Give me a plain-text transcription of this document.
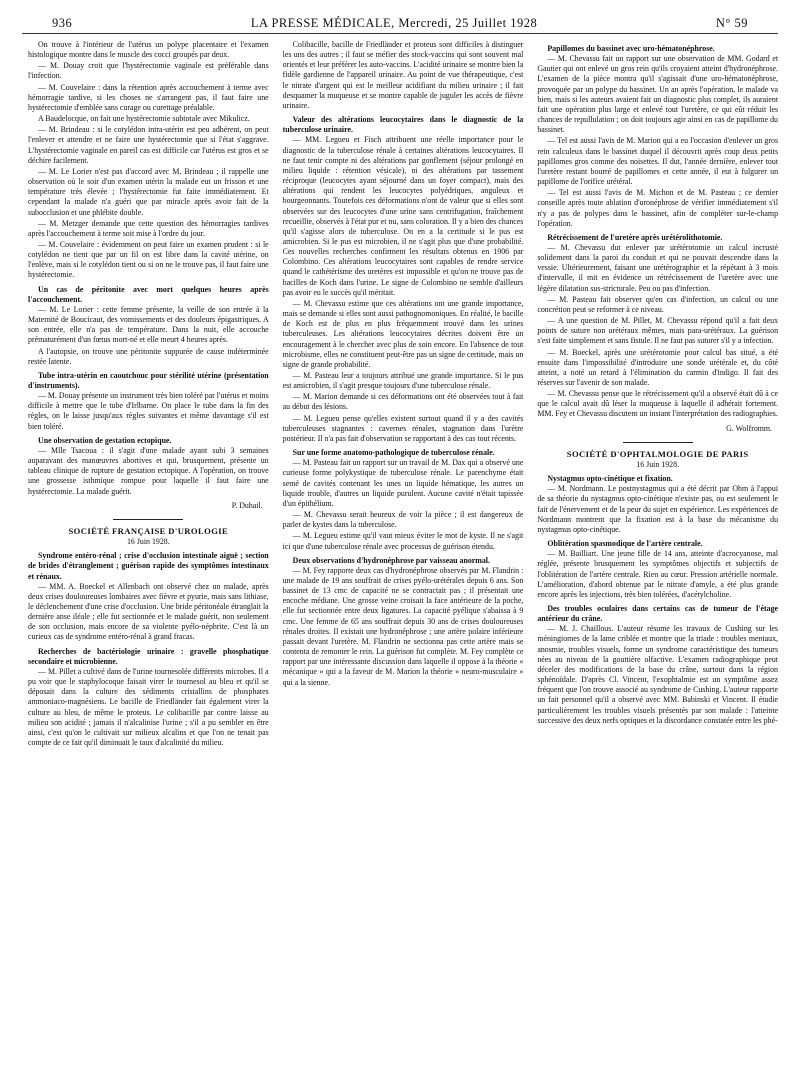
936	LA PRESSE MÉDICALE, Mercredi, 25 Juillet 1928	N° 59

On trouve à l'intérieur de l'utérus un polype placentaire et l'examen histologique montre dans le muscle des cocci groupés par deux.

— M. Douay croit que l'hystérectomie vaginale est préférable dans l'infection.

— M. Couvelaire : dans la rétention après accouchement à terme avec hémorragie tardive, si les choses ne s'arrangent pas, il faut faire une hystérectomie d'emblée sans curage ou curettage préalable.

A Baudelocque, on fait une hystérectomie subtotale avec Mikulicz.

— M. Brindeau : si le cotylédon intra-utérin est peu adhérent, on peut l'enlever et attendre et ne faire une hystérectomie que si l'état s'aggrave. L'hystérectomie vaginale en pareil cas est difficile car l'utérus est gros et se déchire facilement.

— M. Le Lorier n'est pas d'accord avec M. Brindeau ; il rappelle une observation où le soir d'un examen utérin la malade eut un frisson et une température très élevée ; l'hystérectomie fut faite immédiatement. Et cependant la malade n'a guéri que par miracle après avoir fait de la subocclusion et une phlébite double.

— M. Metzger demande que cette question des hémorragies tardives après l'accouchement à terme soit mise à l'ordre du jour.

— M. Couvelaire : évidemment on peut faire un examen prudent : si le cotylédon ne tient que par un fil on est libre dans la cavité utérine, on l'enlève, mais si le cotylédon tient ou si on ne le trouve pas, il faut faire une hystérectomie.

Un cas de péritonite avec mort quelques heures après l'accouchement.

— M. Le Lorier : cette femme présente, la veille de son entrée à la Maternité de Boucicaut, des vomissements et des douleurs épigastriques. A son entrée, elle n'a pas de température. Dans la nuit, elle accouche prématurément d'un fœtus mort-né et elle meurt 4 heures après.

A l'autopsie, on trouve une péritonite suppurée de cause indéterminée restée latente.

Tube intra-utérin en caoutchouc pour stérilité utérine (présentation d'instruments).

— M. Douay présente un instrument très bien toléré par l'utérus et moins difficile à mettre que le tube d'Irlbarne. On place le tube dans la fin des règles, on le laisse jusqu'aux règles suivantes et même davantage s'il est bien toléré.

Une observation de gestation ectopique.

— Mlle Tsacoua : il s'agit d'une malade ayant subi 3 semaines auparavant des manœuvres abortives et qui, brusquement, présente un tableau clinique de rupture de gestation ectopique. A l'opération, on trouve une grossesse isthmique rompue pour laquelle il faut faire une hystérectomie. La malade guérit.

P. Duhail.
SOCIÉTÉ FRANÇAISE D'UROLOGIE
16 Juin 1928.
Syndrome entéro-rénal ; crise d'occlusion intestinale aiguë ; section de brides d'étranglement ; guérison rapide des symptômes intestinaux et rénaux.

— MM. A. Boeckel et Allenbach ont observé chez un malade, après deux crises douloureuses lombaires avec fièvre et pyurie, mais sans lithiase, le déclenchement d'une crise d'occlusion. Une bride péritonéale étranglait la dernière anse iléale ; elle fut sectionnée et le malade guérit, non seulement de son occlusion, mais encore de sa violente pyélo-néphrite. C'est là un curieux cas de syndrome entéro-rénal à grand fracas.

Recherches de bactériologie urinaire : gravelle phosphatique secondaire et microbienne.

— M. Pillet a cultivé dans de l'urine tournesolée différents microbes. Il a pu voir que le staphylocoque faisait virer le tournesol au bleu et qu'il se déposait dans la culture des sédiments cristallins de phosphates ammoniaco-magnésiens. Le bacille de Friedländer fait également virer la culture au bleu, de même le proteus. Le colibacille par contre laisse au milieu son acidité ; jamais il n'alcalinise l'urine ; s'il a pu sembler en être ainsi, c'est qu'on le cultivait sur milieux alcalins et que l'on ne tenait pas compte de ce fait qu'il diminuait le taux d'alcalinité du milieu.

Colibacille, bacille de Friedländer et proteus sont difficiles à distinguer les uns des autres ; il faut se méfier des stock-vaccins qui sont souvent mal orientés et leur préférer les auto-vaccins. L'acidité urinaire se montre bien la fidèle gardienne de l'appareil urinaire. Au point de vue thérapeutique, c'est le nitrate d'argent qui est le meilleur acidifiant du milieu urinaire ; il fait desquamer la muqueuse et se montre capable de juguler les accès de fièvre urinaire.

Valeur des altérations leucocytaires dans le diagnostic de la tuberculose urinaire.

— MM. Legueu et Fisch attribuent une réelle importance pour le diagnostic de la tuberculose rénale à certaines altérations leucocytaires. Il ne faut tenir compte ni des altérations par gonflement (séjour prolongé en milieu liquide : rétention vésicale), ni des altérations par tassement réciproque (leucocytes ayant séjourné dans un foyer compact), mais des altérations qui rendent les leucocytes polyédriques, anguleux et bourgeonnants. Toutefois ces déformations n'ont de valeur que si elles sont observées sur des leucocytes d'une urine sans centrifugation, fraîchement recueillie, observés à l'état pur et nu, sans coloration. Il y a bien des chances qu'il s'agisse alors de tuberculose. On en a la certitude si le pus est amicrobien. Si le pus est microbien, il ne s'agit plus que d'une probabilité. Ces nouvelles recherches confirment les résultats obtenus en 1906 par Colombino. Ces altérations leucocytaires sont capables de rendre service quand le cathétérisme des uretères est impossible et qu'on ne trouve pas de bacilles de Koch dans l'urine. Le signe de Colombino ne semble d'ailleurs pas avoir eu le succès qu'il méritait.

— M. Chevassu estime que ces altérations ont une grande importance, mais se demande si elles sont aussi pathognomoniques. En réalité, le bacille de Koch est de plus en plus fréquemment trouvé dans les urines tuberculeuses. Les altérations leucocytaires décrites doivent être un encouragement à le chercher avec plus de soin encore. En l'absence de tout microbisme, elles ne constituent peut-être pas un signe de certitude, mais un signe de grande probabilité.

— M. Pasteau leur a toujours attribué une grande importance. Si le pus est amicrobien, il s'agit presque toujours d'une tuberculose rénale.

— M. Marion demande si ces déformations ont été observées tout à fait au début des lésions.

— M. Legueu pense qu'elles existent surtout quand il y a des cavités tuberculeuses stagnantes : cavernes rénales, stagnation dans l'urètre postérieur. Il n'a pas fait d'observation se rapportant à des cas tout récents.

Sur une forme anatomo-pathologique de tuberculose rénale.

— M. Pasteau fait un rapport sur un travail de M. Dax qui a observé une curieuse forme polykystique de tuberculose rénale. Le parenchyme était semé de cavités contenant les unes un liquide hématique, les autres un liquide trouble, d'autres un liquide purulent. Aucune cavité n'était tapissée d'un épithélium.

— M. Chevassu serait heureux de voir la pièce ; il est dangereux de parler de kystes dans la tuberculose.

— M. Legueu estime qu'il vaut mieux éviter le mot de kyste. Il ne s'agit ici que d'une tuberculose rénale avec processus de guérison étendu.

Deux observations d'hydronéphrose par vaisseau anormal.

— M. Fey rapporte deux cas d'hydronéphrose observés par M. Flandrin : une malade de 19 ans souffrait de crises pyélo-urétérales depuis 6 ans. Son bassinet de 13 cmc de capacité ne se contractait pas ; il présentait une encoche médiane. Une grosse veine croisait la face antérieure de la poche, elle fut sectionnée entre deux ligatures. La capacité pyélique s'abaissa à 9 cmc. Une femme de 65 ans souffrait depuis 30 ans de crises douloureuses rénales droites. Il existait une hydronéphrose ; une artère polaire inférieure passait devant l'uretère. M. Flandrin ne sectionna pas cette artère mais se contenta de remonter le rein. La guérison fut complète. M. Fey complète ce rapport par une intéressante discussion dans laquelle il oppose à la théorie « mécanique » qui a la faveur de M. Marion la théorie « neuro-musculaire » qui a la sienne.

Papillomes du bassinet avec uro-hématonéphrose.

— M. Chevassu fait un rapport sur une observation de MM. Godard et Gautier qui ont enlevé un gros rein qu'ils croyaient atteint d'hydronéphrose. L'examen de la pièce montra qu'il s'agissait d'une uro-hématonéphrose, provoquée par un polype du bassinet. Un an après l'opération, le malade va bien, mais si les auteurs avaient fait un diagnostic plus complet, ils auraient fait une opération plus large et enlevé tout l'uretère, ce qui eût réduit les chances de repullulation ; on doit toujours agir ainsi en cas de papillome du bassinet.

— Tel est aussi l'avis de M. Marion qui a eu l'occasion d'enlever un gros rein calculeux dans le bassinet duquel il découvrit après coup deux petits papillomes gros comme des noisettes. Il dut, l'année dernière, enlever tout l'uretère restant bourré de papillomes et cette année, il eut à fulgurer un papillome de l'orifice urétéral.

— Tel est aussi l'avis de M. Michon et de M. Pasteau ; ce dernier conseille après toute ablation d'uronéphrose de vérifier immédiatement s'il n'y a pas de polypes dans le bassinet, afin de compléter sur-le-champ l'opération.

Rétrécissement de l'uretère après urétérolithotomie.

— M. Chevassu dut enlever par urétérotomie un calcul incrusté solidement dans la paroi du conduit et qui ne pouvait descendre dans la vessie. Ultérieurement, faisant une urétérographie et la répétant à 3 mois d'intervalle, il mit en évidence un rétrécissement de l'uretère avec une légère dilatation sus-stricturale. Peu ou pas d'infection.

— M. Pasteau fait observer qu'en cas d'infection, un calcul ou une concrétion peut se reformer à ce niveau.

— A une question de M. Pillet, M. Chevassu répond qu'il a fait deux points de suture non urétéraux mêmes, mais para-urétéraux. La guérison s'est faite simplement et sans fistule. Il ne faut pas suturer s'il y a infection.

— M. Boeckel, après une urétérotomie pour calcul bas situé, a été ensuite dans l'impossibilité d'introduire une sonde urétérale et, du côté atteint, a noté un retard à l'élimination du carmin d'indigo. Il fait des réserves sur l'avenir de son malade.

— M. Chevassu pense que le rétrécissement qu'il a observé était dû à ce que le calcul avait dû léser la muqueuse à laquelle il adhérait fortement. MM. Fey et Chevassu discutent un instant l'interprétation des radiographies.

G. Wolfromm.
SOCIÉTÉ D'OPHTALMOLOGIE DE PARIS
16 Juin 1928.
Nystagmus opto-cinétique et fixation.

— M. Nordmann. Le postnystagmus qui a été décrit par Ohm à l'appui de sa théorie du nystagmus opto-cinétique n'existe pas, ou est seulement le fait de l'énervement et de la peur du sujet en expérience. Les expériences de Nordmann montrent que la fixation est à la base du mécanisme du nystagmus opto-cinétique.

Oblitération spasmodique de l'artère centrale.

— M. Bailliart. Une jeune fille de 14 ans, atteinte d'acrocyanose, mal réglée, présente brusquement les symptômes objectifs et subjectifs de l'oblitération de l'artère centrale. Rien au cœur. Pression artérielle normale. L'amélioration, d'abord obtenue par le nitrate d'amyle, a été plus grande encore après les injections, très bien tolérées, d'acétylcholine.

Des troubles oculaires dans certains cas de tumeur de l'étage antérieur du crâne.

— M. J. Chaillous. L'auteur résume les travaux de Cushing sur les méningiomes de la lame criblée et montre que la triade : troubles mentaux, anosmie, troubles visuels, forme un syndrome caractéristique des tumeurs nées au niveau de la gouttière olfactive. L'examen radiographique peut déceler des modifications de la base du crâne, surtout dans la région sphénoïdale. D'après Cl. Vincent, l'exophtalmie est un symptôme assez fréquent que l'on trouve associé au syndrome de Cushing. L'auteur rapporte un fait personnel qu'il a observé avec MM. Babinski et Vincent. Il étudie particulièrement les troubles visuels présentés par son malade : l'atteinte successive des deux nerfs optiques et la discordance constatée entre les phé-
